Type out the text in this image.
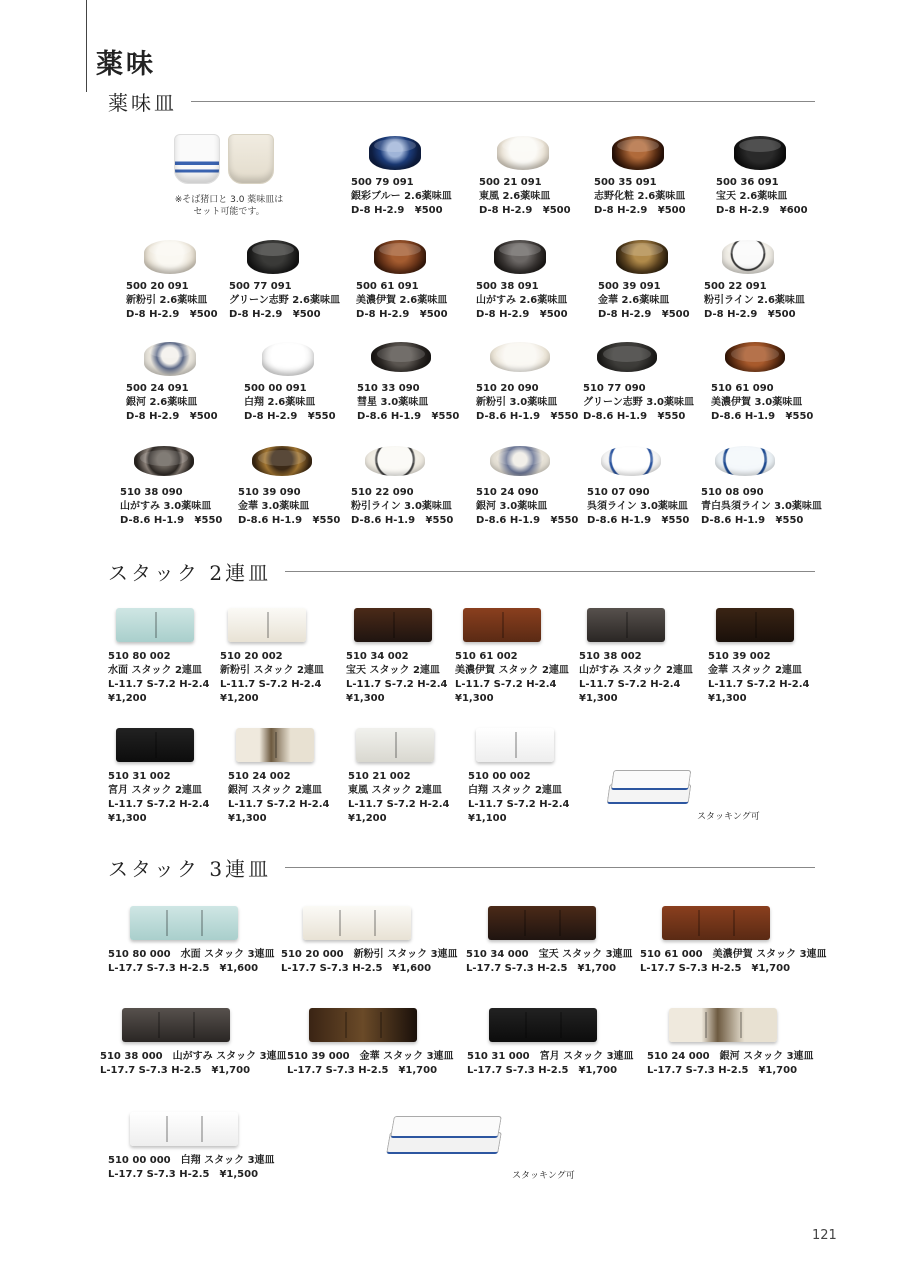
薬味
薬味皿
※そば猪口と 3.0 薬味皿は
セット可能です。
500 79 091
銀彩ブルー 2.6薬味皿
D-8 H-2.9 ¥500
500 21 091
東風 2.6薬味皿
D-8 H-2.9 ¥500
500 35 091
志野化粧 2.6薬味皿
D-8 H-2.9 ¥500
500 36 091
宝天 2.6薬味皿
D-8 H-2.9 ¥600
500 20 091
新粉引 2.6薬味皿
D-8 H-2.9 ¥500
500 77 091
グリーン志野 2.6薬味皿
D-8 H-2.9 ¥500
500 61 091
美濃伊賀 2.6薬味皿
D-8 H-2.9 ¥500
500 38 091
山がすみ 2.6薬味皿
D-8 H-2.9 ¥500
500 39 091
金華 2.6薬味皿
D-8 H-2.9 ¥500
500 22 091
粉引ライン 2.6薬味皿
D-8 H-2.9 ¥500
500 24 091
銀河 2.6薬味皿
D-8 H-2.9 ¥500
500 00 091
白翔 2.6薬味皿
D-8 H-2.9 ¥550
510 33 090
彗星 3.0薬味皿
D-8.6 H-1.9 ¥550
510 20 090
新粉引 3.0薬味皿
D-8.6 H-1.9 ¥550
510 77 090
グリーン志野 3.0薬味皿
D-8.6 H-1.9 ¥550
510 61 090
美濃伊賀 3.0薬味皿
D-8.6 H-1.9 ¥550
510 38 090
山がすみ 3.0薬味皿
D-8.6 H-1.9 ¥550
510 39 090
金華 3.0薬味皿
D-8.6 H-1.9 ¥550
510 22 090
粉引ライン 3.0薬味皿
D-8.6 H-1.9 ¥550
510 24 090
銀河 3.0薬味皿
D-8.6 H-1.9 ¥550
510 07 090
呉須ライン 3.0薬味皿
D-8.6 H-1.9 ¥550
510 08 090
青白呉須ライン 3.0薬味皿
D-8.6 H-1.9 ¥550
スタック 2連皿
510 80 002
水面 スタック 2連皿
L-11.7 S-7.2 H-2.4
¥1,200
510 20 002
新粉引 スタック 2連皿
L-11.7 S-7.2 H-2.4
¥1,200
510 34 002
宝天 スタック 2連皿
L-11.7 S-7.2 H-2.4
¥1,300
510 61 002
美濃伊賀 スタック 2連皿
L-11.7 S-7.2 H-2.4
¥1,300
510 38 002
山がすみ スタック 2連皿
L-11.7 S-7.2 H-2.4
¥1,300
510 39 002
金華 スタック 2連皿
L-11.7 S-7.2 H-2.4
¥1,300
510 31 002
宮月 スタック 2連皿
L-11.7 S-7.2 H-2.4
¥1,300
510 24 002
銀河 スタック 2連皿
L-11.7 S-7.2 H-2.4
¥1,300
510 21 002
東風 スタック 2連皿
L-11.7 S-7.2 H-2.4
¥1,200
510 00 002
白翔 スタック 2連皿
L-11.7 S-7.2 H-2.4
¥1,100	スタッキング可
スタック 3連皿
510 80 000　水面 スタック 3連皿
L-17.7 S-7.3 H-2.5　¥1,600
510 20 000　新粉引 スタック 3連皿
L-17.7 S-7.3 H-2.5　¥1,600
510 34 000　宝天 スタック 3連皿
L-17.7 S-7.3 H-2.5　¥1,700
510 61 000　美濃伊賀 スタック 3連皿
L-17.7 S-7.3 H-2.5　¥1,700
510 38 000　山がすみ スタック 3連皿
L-17.7 S-7.3 H-2.5　¥1,700
510 39 000　金華 スタック 3連皿
L-17.7 S-7.3 H-2.5　¥1,700
510 31 000　宮月 スタック 3連皿
L-17.7 S-7.3 H-2.5　¥1,700
510 24 000　銀河 スタック 3連皿
L-17.7 S-7.3 H-2.5　¥1,700
510 00 000　白翔 スタック 3連皿
L-17.7 S-7.3 H-2.5　¥1,500	スタッキング可
121
